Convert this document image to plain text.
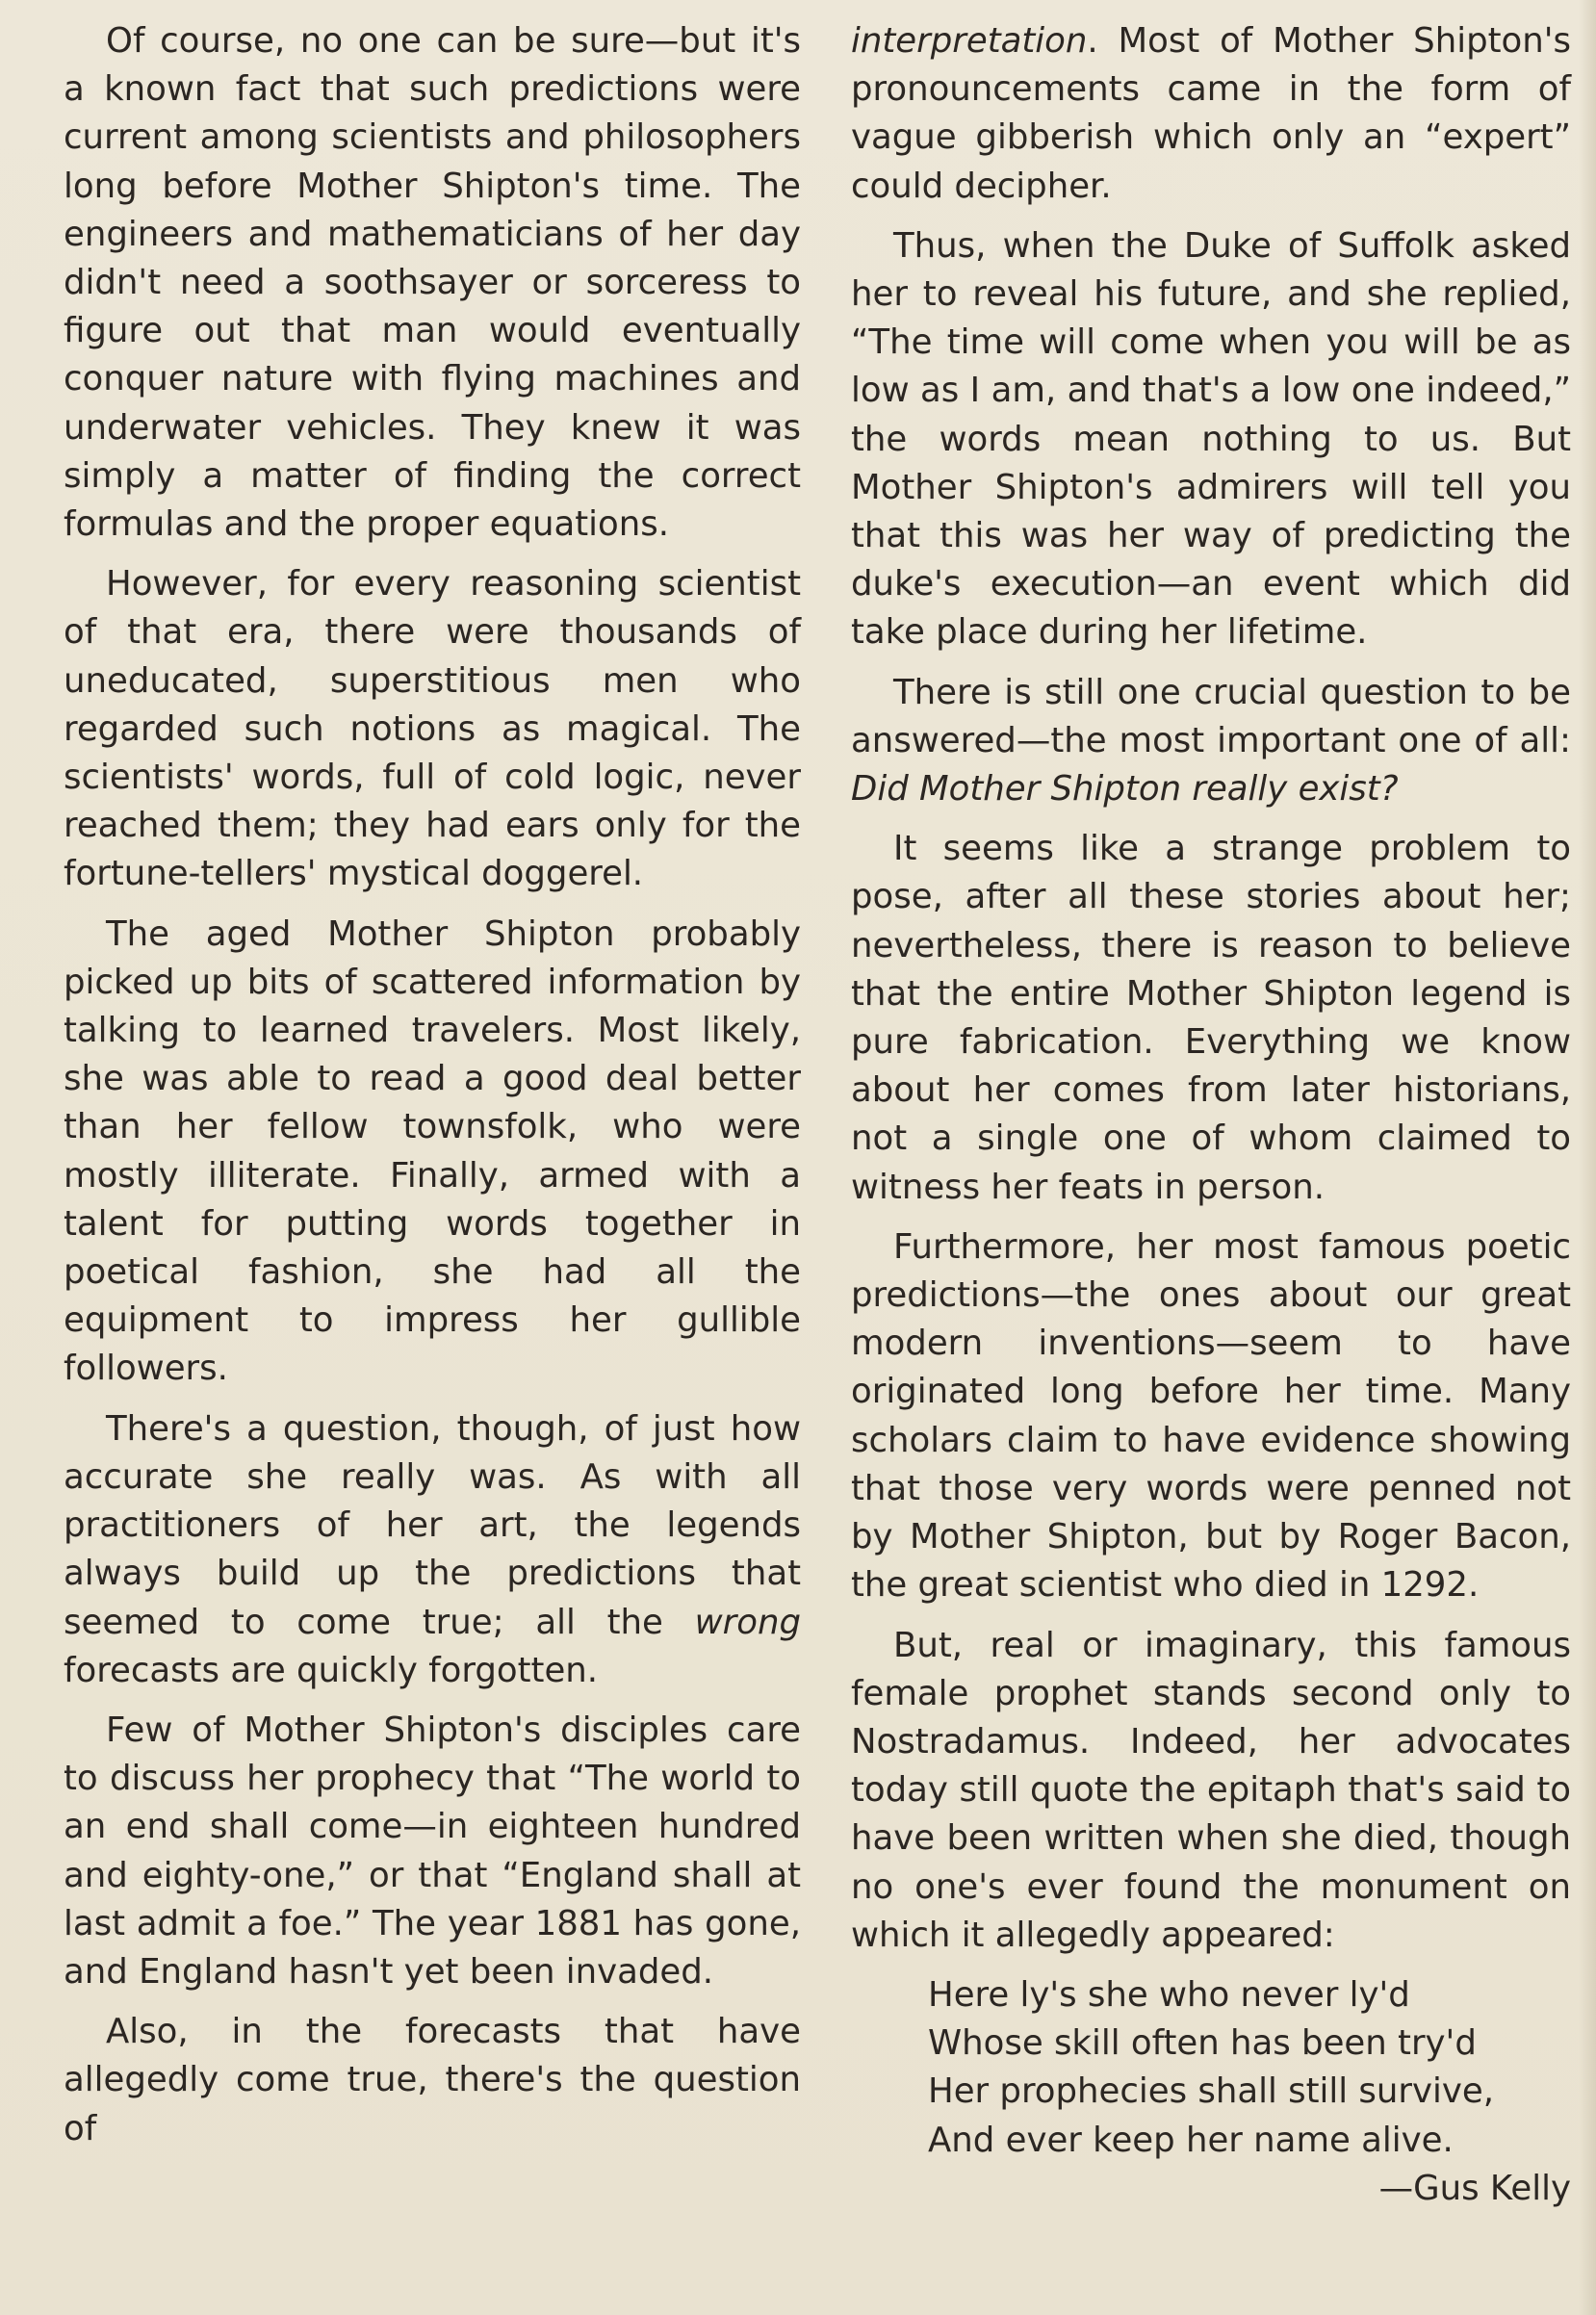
Of course, no one can be sure—but it's a known fact that such predictions were current among scientists and philosophers long before Mother Shipton's time. The engineers and mathematicians of her day didn't need a soothsayer or sorceress to figure out that man would eventually conquer nature with flying machines and underwater vehicles. They knew it was simply a matter of finding the correct formulas and the proper equations.

However, for every reasoning scientist of that era, there were thousands of uneducated, superstitious men who regarded such notions as magical. The scientists' words, full of cold logic, never reached them; they had ears only for the fortune-tellers' mystical doggerel.

The aged Mother Shipton probably picked up bits of scattered information by talking to learned travelers. Most likely, she was able to read a good deal better than her fellow townsfolk, who were mostly illiterate. Finally, armed with a talent for putting words together in poetical fashion, she had all the equipment to impress her gullible followers.

There's a question, though, of just how accurate she really was. As with all practitioners of her art, the legends always build up the predictions that seemed to come true; all the wrong forecasts are quickly forgotten.

Few of Mother Shipton's disciples care to discuss her prophecy that “The world to an end shall come—in eighteen hundred and eighty-one,” or that “England shall at last admit a foe.” The year 1881 has gone, and England hasn't yet been invaded.

Also, in the forecasts that have allegedly come true, there's the question of

interpretation. Most of Mother Shipton's pronouncements came in the form of vague gibberish which only an “expert” could decipher.

Thus, when the Duke of Suffolk asked her to reveal his future, and she replied, “The time will come when you will be as low as I am, and that's a low one indeed,” the words mean nothing to us. But Mother Shipton's admirers will tell you that this was her way of predicting the duke's execution—an event which did take place during her lifetime.

There is still one crucial question to be answered—the most important one of all: Did Mother Shipton really exist?

It seems like a strange problem to pose, after all these stories about her; nevertheless, there is reason to believe that the entire Mother Shipton legend is pure fabrication. Everything we know about her comes from later historians, not a single one of whom claimed to witness her feats in person.

Furthermore, her most famous poetic predictions—the ones about our great modern inventions—seem to have originated long before her time. Many scholars claim to have evidence showing that those very words were penned not by Mother Shipton, but by Roger Bacon, the great scientist who died in 1292.

But, real or imaginary, this famous female prophet stands second only to Nostradamus. Indeed, her advocates today still quote the epitaph that's said to have been written when she died, though no one's ever found the monument on which it allegedly appeared:

Here ly's she who never ly'd
Whose skill often has been try'd
Her prophecies shall still survive,
And ever keep her name alive.
—Gus Kelly
